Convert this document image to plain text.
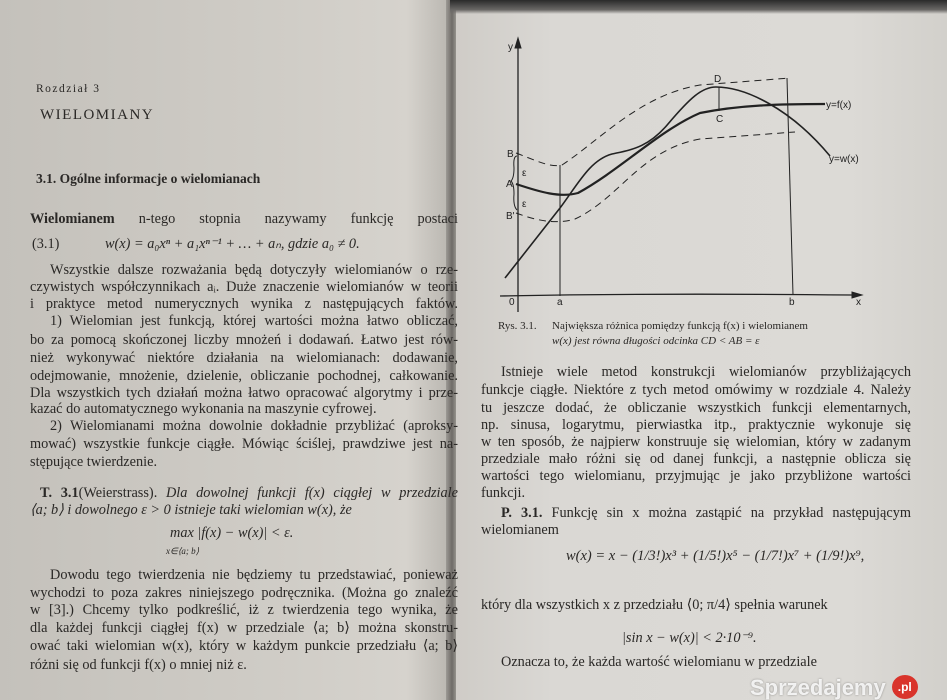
Rozdział 3
WIELOMIANY
3.1. Ogólne informacje o wielomianach
Wielomianem n-tego stopnia nazywamy funkcję postaci
(3.1)	w(x) = a₀xⁿ + a₁xⁿ⁻¹ + … + aₙ, gdzie a₀ ≠ 0.
Wszystkie dalsze rozważania będą dotyczyły wielomianów o rze-
czywistych współczynnikach aᵢ. Duże znaczenie wielomianów w teorii
i praktyce metod numerycznych wynika z następujących faktów.
1) Wielomian jest funkcją, której wartości można łatwo obliczać,
bo za pomocą skończonej liczby mnożeń i dodawań. Łatwo jest rów-
nież wykonywać niektóre działania na wielomianach: dodawanie,
odejmowanie, mnożenie, dzielenie, obliczanie pochodnej, całkowanie.
Dla wszystkich tych działań można łatwo opracować algorytmy i prze-
kazać do automatycznego wykonania na maszynie cyfrowej.
2) Wielomianami można dowolnie dokładnie przybliżać (aproksy-
mować) wszystkie funkcje ciągłe. Mówiąc ściślej, prawdziwe jest na-
stępujące twierdzenie.
T. 3.1(Weierstrass). Dla dowolnej funkcji f(x) ciągłej w przedziale
⟨a; b⟩ i dowolnego ε > 0 istnieje taki wielomian w(x), że
max |f(x) − w(x)| < ε.
x∈⟨a; b⟩
Dowodu tego twierdzenia nie będziemy tu przedstawiać, ponieważ
wychodzi to poza zakres niniejszego podręcznika. (Można go znaleźć
w [3].) Chcemy tylko podkreślić, iż z twierdzenia tego wynika, że
dla każdej funkcji ciągłej f(x) w przedziale ⟨a; b⟩ można skonstru-
ować taki wielomian w(x), który w każdym punkcie przedziału ⟨a; b⟩
różni się od funkcji f(x) o mniej niż ε.
y
x
0	a	b
A
B
B'
C
D
ε
ε
y=f(x)
y=w(x)
Rys. 3.1. Największa różnica pomiędzy funkcją f(x) i wielomianem
w(x) jest równa długości odcinka CD < AB = ε
Istnieje wiele metod konstrukcji wielomianów przybliżających
funkcje ciągłe. Niektóre z tych metod omówimy w rozdziale 4. Należy
tu jeszcze dodać, że obliczanie wszystkich funkcji elementarnych,
np. sinusa, logarytmu, pierwiastka itp., praktycznie wykonuje się
w ten sposób, że najpierw konstruuje się wielomian, który w zadanym
przedziale mało różni się od danej funkcji, a następnie oblicza się
wartości tego wielomianu, przyjmując je jako przybliżone wartości
funkcji.
P. 3.1. Funkcję sin x można zastąpić na przykład następującym
wielomianem
w(x) = x − (1/3!)x³ + (1/5!)x⁵ − (1/7!)x⁷ + (1/9!)x⁹,
który dla wszystkich x z przedziału ⟨0; π/4⟩ spełnia warunek
|sin x − w(x)| < 2·10⁻⁹.
Oznacza to, że każda wartość wielomianu w przedziale
Sprzedajemy	.pl
